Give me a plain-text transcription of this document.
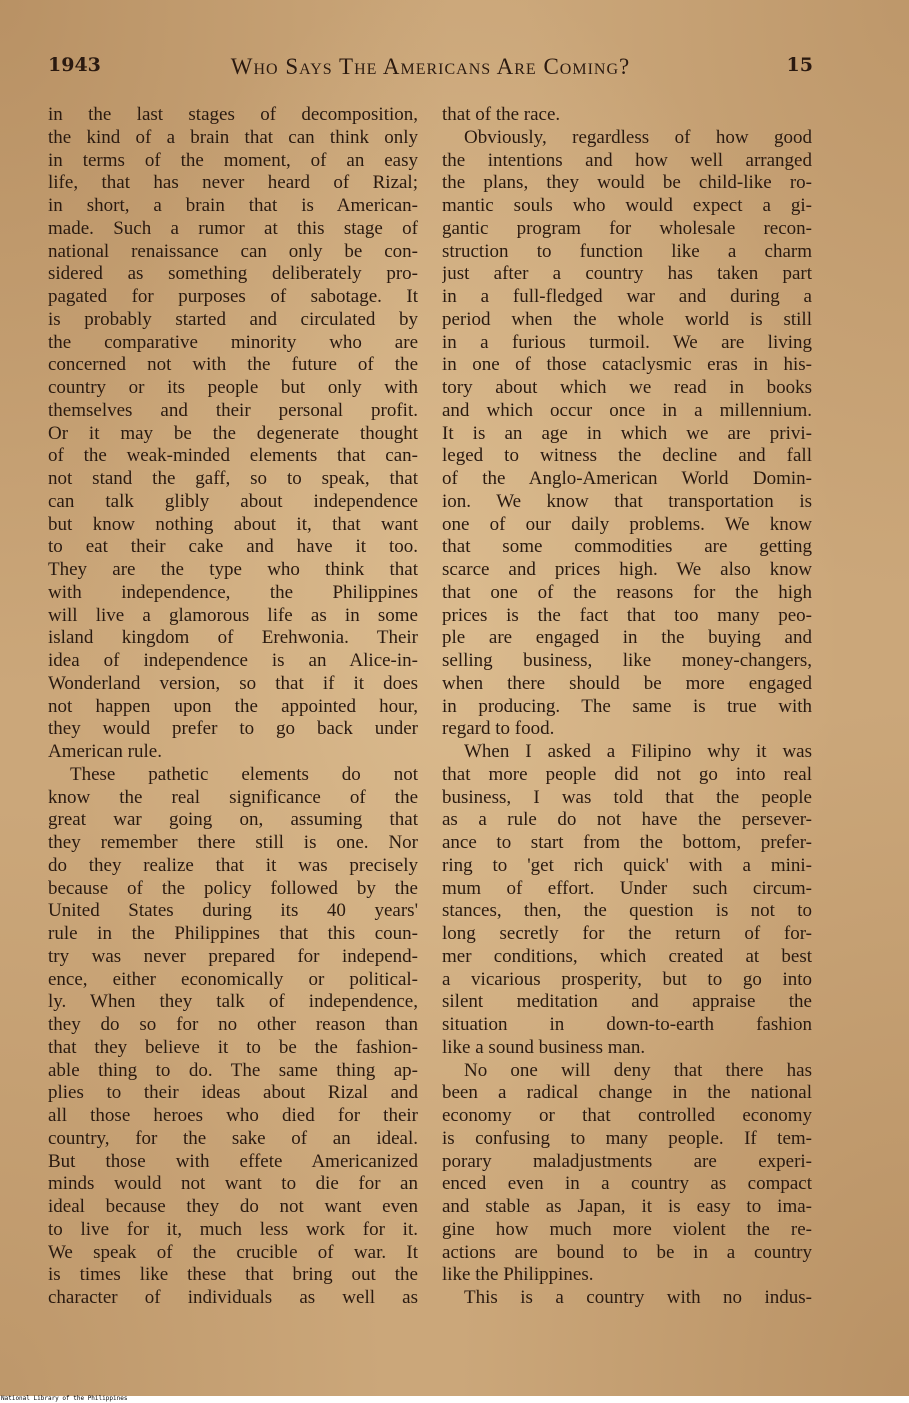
1943	Who Says The Americans Are Coming?	15
in the last stages of decomposition,
the kind of a brain that can think only
in terms of the moment, of an easy
life, that has never heard of Rizal;
in short, a brain that is American-
made. Such a rumor at this stage of
national renaissance can only be con-
sidered as something deliberately pro-
pagated for purposes of sabotage. It
is probably started and circulated by
the comparative minority who are
concerned not with the future of the
country or its people but only with
themselves and their personal profit.
Or it may be the degenerate thought
of the weak-minded elements that can-
not stand the gaff, so to speak, that
can talk glibly about independence
but know nothing about it, that want
to eat their cake and have it too.
They are the type who think that
with independence, the Philippines
will live a glamorous life as in some
island kingdom of Erehwonia. Their
idea of independence is an Alice-in-
Wonderland version, so that if it does
not happen upon the appointed hour,
they would prefer to go back under
American rule.
These pathetic elements do not
know the real significance of the
great war going on, assuming that
they remember there still is one. Nor
do they realize that it was precisely
because of the policy followed by the
United States during its 40 years'
rule in the Philippines that this coun-
try was never prepared for independ-
ence, either economically or political-
ly. When they talk of independence,
they do so for no other reason than
that they believe it to be the fashion-
able thing to do. The same thing ap-
plies to their ideas about Rizal and
all those heroes who died for their
country, for the sake of an ideal.
But those with effete Americanized
minds would not want to die for an
ideal because they do not want even
to live for it, much less work for it.
We speak of the crucible of war. It
is times like these that bring out the
character of individuals as well as
that of the race.
Obviously, regardless of how good
the intentions and how well arranged
the plans, they would be child-like ro-
mantic souls who would expect a gi-
gantic program for wholesale recon-
struction to function like a charm
just after a country has taken part
in a full-fledged war and during a
period when the whole world is still
in a furious turmoil. We are living
in one of those cataclysmic eras in his-
tory about which we read in books
and which occur once in a millennium.
It is an age in which we are privi-
leged to witness the decline and fall
of the Anglo-American World Domin-
ion. We know that transportation is
one of our daily problems. We know
that some commodities are getting
scarce and prices high. We also know
that one of the reasons for the high
prices is the fact that too many peo-
ple are engaged in the buying and
selling business, like money-changers,
when there should be more engaged
in producing. The same is true with
regard to food.
When I asked a Filipino why it was
that more people did not go into real
business, I was told that the people
as a rule do not have the persever-
ance to start from the bottom, prefer-
ring to 'get rich quick' with a mini-
mum of effort. Under such circum-
stances, then, the question is not to
long secretly for the return of for-
mer conditions, which created at best
a vicarious prosperity, but to go into
silent meditation and appraise the
situation in down-to-earth fashion
like a sound business man.
No one will deny that there has
been a radical change in the national
economy or that controlled economy
is confusing to many people. If tem-
porary maladjustments are experi-
enced even in a country as compact
and stable as Japan, it is easy to ima-
gine how much more violent the re-
actions are bound to be in a country
like the Philippines.
This is a country with no indus-
National Library of the Philippines
